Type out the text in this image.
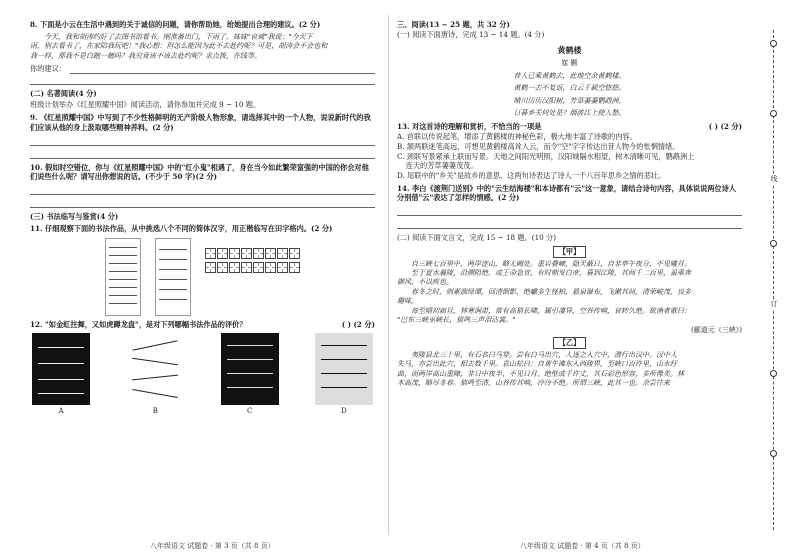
8. 下面是小云在生活中遇到的关于诚信的问题，请你帮助她，给她提出合理的建议。(2 分)
今天，我和胡涛约好了去图书馆看书。刚准备出门，下雨了。妹妹"哀诚"我说："今天下
雨，别去看书了，在家陪我玩吧！"我心想：但怎么能因为此不去赴约呢？可是，胡涛会不会也和
我一样，那我不是白跑一趟吗？我究竟该不该去赴约呢？求点拨，在线等。
你的建议：
(二) 名著阅读(4 分)
班级计划举办《红星照耀中国》阅读活动，请你参加并完成 9 ~ 10 题。
9. 《红星照耀中国》中写到了不少性格鲜明的无产阶级人物形象，请选择其中的一个人物，说说新时代的我们应该从他的身上汲取哪些精神养料。(2 分)
10. 假如时空错位，你与《红星照耀中国》中的"红小鬼"相遇了，身在当今如此繁荣富强的中国的你会对他们说些什么呢？请写出你想说的话。(不少于 50 字)(2 分)
(三) 书法临写与鉴赏(4 分)
11. 仔细观察下面的书法作品，从中挑选八个不同的简体汉字，用正楷临写在田字格内。(2 分)
12. "如金虹拄舞，又如虎蹲龙盘"，是对下列哪幅书法作品的评价？	( ) (2 分)
A	B	C	D
三、阅读(13 ~ 25 题，共 32 分)
(一) 阅读下面唐诗，完成 13 ~ 14 题。(4 分)
黄鹤楼
崔 颢
昔人已乘黄鹤去，此地空余黄鹤楼。
黄鹤一去不复返，白云千载空悠悠。
晴川历历汉阳树，芳草萋萋鹦鹉洲。
日暮乡关何处是？烟波江上使人愁。
13. 对这首诗的理解和赏析，不恰当的一项是	( ) (2 分)
A. 首联以传说起笔，增添了黄鹤楼的神秘色彩，极大地丰富了诗歌的内容。
B. 颔两联迷笔高远，可想见黄鹤楼高耸入云，而令"空"字字传达出昔人物今的怅惘情绪。
C. 颈联写景紧承上联而写景。天地之间阳光明照，汉阳城隔水相望，树木清晰可见，鹦鹉洲上
连天的芳草萋萋茂茂。
D. 尾联中的"乡关"是故乡的意思，这两句诗表达了诗人一千八百年思乡之情的悲壮。
14. 李白《渡荆门送别》中的"云生结海楼"和本诗都有"云"这一意象，请结合诗句内容，具体说说两位诗人分别借"云"表达了怎样的情感。(2 分)
(二) 阅读下面文言文，完成 15 ~ 18 题。(10 分)
【甲】
自三峡七百里中，两岸连山，略无阙处。重岩叠嶂，隐天蔽日，自非亭午夜分，不见曦月。
至于夏水襄陵，沿溯阻绝。或王命急宣，有时朝发白帝，暮到江陵，其间千二百里，虽乘奔
御风，不以疾也。
春冬之时，则素湍绿潭，回清倒影，绝巘多生怪柏，悬泉瀑布，飞漱其间，清荣峻茂，良多
趣味。
每至晴初霜旦，林寒涧肃，常有高猿长啸，属引凄异，空谷传响，哀转久绝。故渔者歌曰：
"巴东三峡巫峡长，猿鸣三声泪沾裳。"
(郦道元《三峡》)
【乙】
夷陵县北三十里，有石名曰马穿。尝有白马出穴，人逐之入穴中，潜行出汉中。汉中人
失马，亦尝出此穴，相去数千里。袁山松曰：自黄牛滩东入西陵界，至峡口百许里，山水纡
曲，而两岸高山重障，非日中夜半，不见日月。绝壁或千许丈，其石彩色形容，多所像类。林
木高茂，略尽冬春。猿鸣至清，山谷传其响，泠泠不绝。所谓三峡，此其一也。余尝往来
八年级语文 试题卷 · 第 3 页（共 8 页）	八年级语文 试题卷 · 第 4 页（共 8 页）
线
订
